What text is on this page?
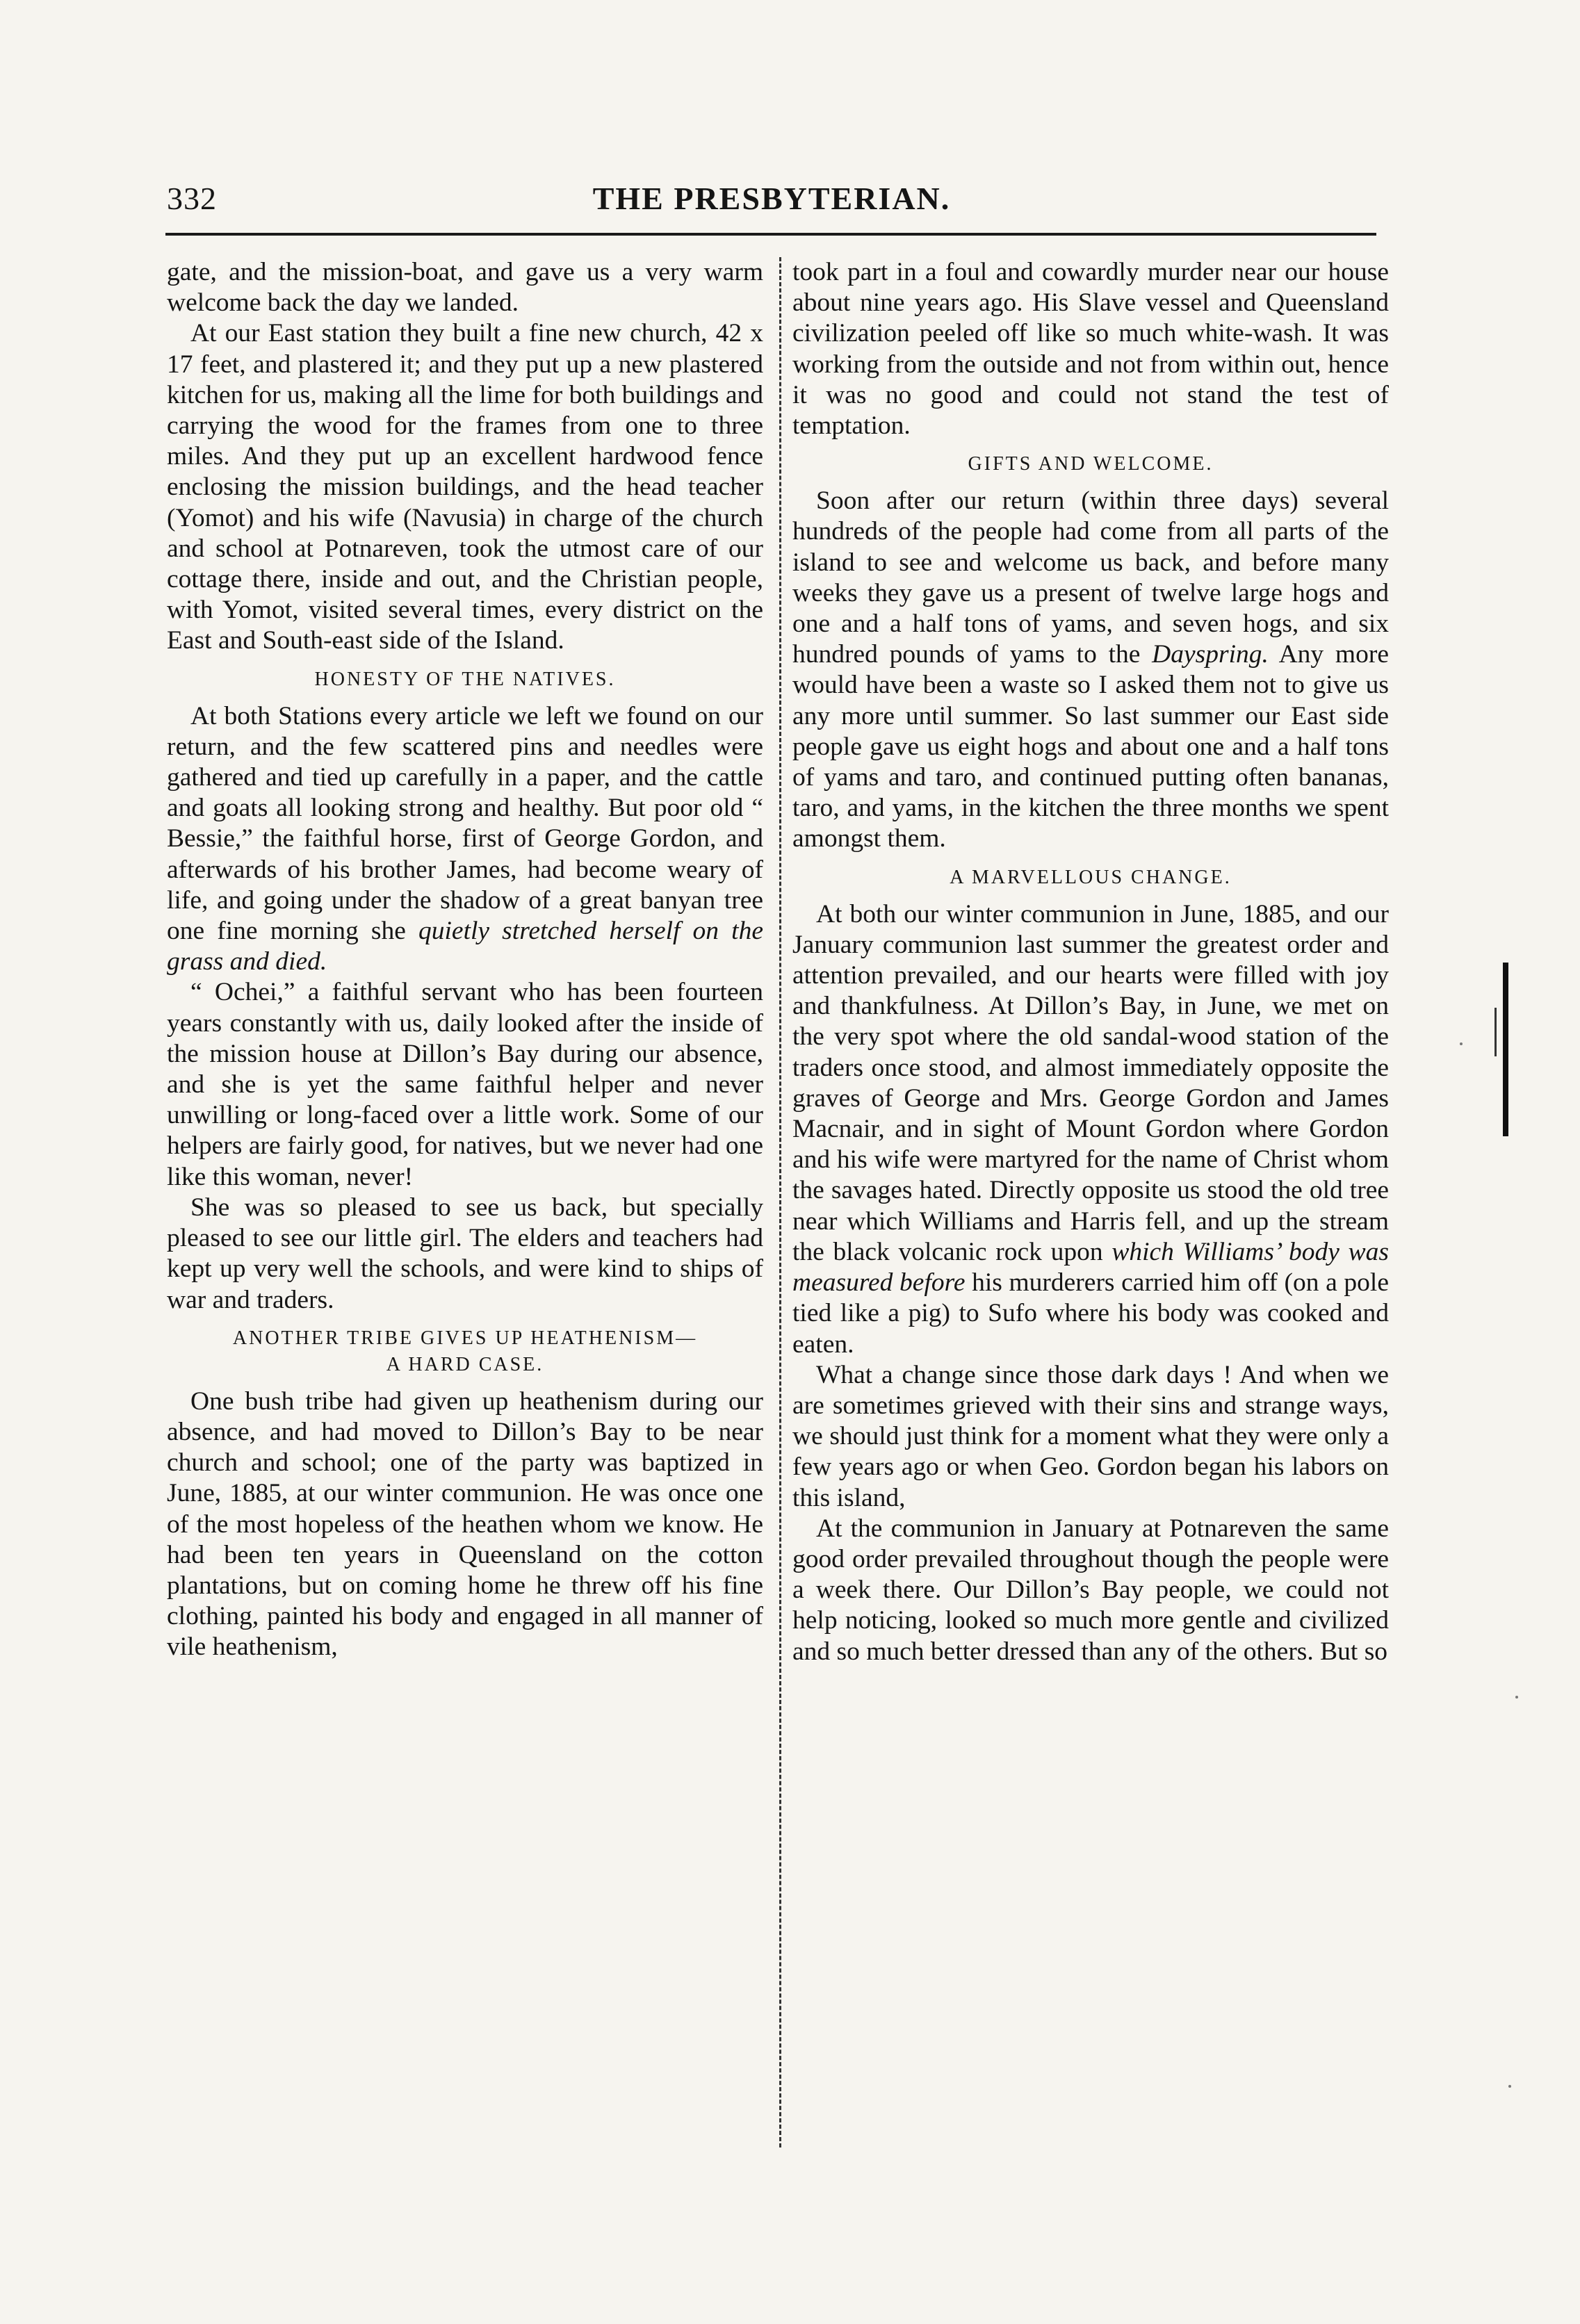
332	THE PRESBYTERIAN.

gate, and the mission-boat, and gave us a very warm welcome back the day we landed.

At our East station they built a fine new church, 42 x 17 feet, and plastered it; and they put up a new plastered kitchen for us, making all the lime for both buildings and carrying the wood for the frames from one to three miles. And they put up an excellent hardwood fence enclosing the mission buildings, and the head teacher (Yomot) and his wife (Navusia) in charge of the church and school at Potnareven, took the utmost care of our cottage there, inside and out, and the Christian people, with Yomot, visited several times, every district on the East and South-east side of the Island.

HONESTY OF THE NATIVES.

At both Stations every article we left we found on our return, and the few scattered pins and needles were gathered and tied up carefully in a paper, and the cattle and goats all looking strong and healthy. But poor old “ Bessie,” the faithful horse, first of George Gordon, and afterwards of his brother James, had become weary of life, and going under the shadow of a great banyan tree one fine morning she quietly stretched herself on the grass and died.

“ Ochei,” a faithful servant who has been fourteen years constantly with us, daily looked after the inside of the mission house at Dillon’s Bay during our absence, and she is yet the same faithful helper and never unwilling or long-faced over a little work. Some of our helpers are fairly good, for natives, but we never had one like this woman, never!

She was so pleased to see us back, but specially pleased to see our little girl. The elders and teachers had kept up very well the schools, and were kind to ships of war and traders.

ANOTHER TRIBE GIVES UP HEATHENISM—
A HARD CASE.

One bush tribe had given up heathenism during our absence, and had moved to Dillon’s Bay to be near church and school; one of the party was baptized in June, 1885, at our winter communion. He was once one of the most hopeless of the heathen whom we know. He had been ten years in Queensland on the cotton plantations, but on coming home he threw off his fine clothing, painted his body and engaged in all manner of vile heathenism,

took part in a foul and cowardly murder near our house about nine years ago. His Slave vessel and Queensland civilization peeled off like so much white-wash. It was working from the outside and not from within out, hence it was no good and could not stand the test of temptation.

GIFTS AND WELCOME.

Soon after our return (within three days) several hundreds of the people had come from all parts of the island to see and welcome us back, and before many weeks they gave us a present of twelve large hogs and one and a half tons of yams, and seven hogs, and six hundred pounds of yams to the Dayspring. Any more would have been a waste so I asked them not to give us any more until summer. So last summer our East side people gave us eight hogs and about one and a half tons of yams and taro, and continued putting often bananas, taro, and yams, in the kitchen the three months we spent amongst them.

A MARVELLOUS CHANGE.

At both our winter communion in June, 1885, and our January communion last summer the greatest order and attention prevailed, and our hearts were filled with joy and thankfulness. At Dillon’s Bay, in June, we met on the very spot where the old sandal-wood station of the traders once stood, and almost immediately opposite the graves of George and Mrs. George Gordon and James Macnair, and in sight of Mount Gordon where Gordon and his wife were martyred for the name of Christ whom the savages hated. Directly opposite us stood the old tree near which Williams and Harris fell, and up the stream the black volcanic rock upon which Williams’ body was measured before his murderers carried him off (on a pole tied like a pig) to Sufo where his body was cooked and eaten.

What a change since those dark days ! And when we are sometimes grieved with their sins and strange ways, we should just think for a moment what they were only a few years ago or when Geo. Gordon began his labors on this island,

At the communion in January at Potnareven the same good order prevailed throughout though the people were a week there. Our Dillon’s Bay people, we could not help noticing, looked so much more gentle and civilized and so much better dressed than any of the others. But so
